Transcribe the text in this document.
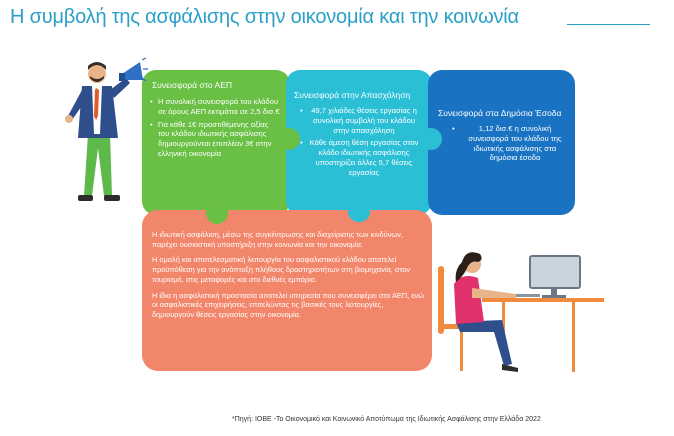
Η συμβολή της ασφάλισης στην οικονομία και την κοινωνία
Συνεισφορά στο ΑΕΠ
• Η συνολική συνεισφορά του κλάδου σε όρους ΑΕΠ εκτιμάται σε 2,5 δισ.€
• Για κάθε 1€ προστιθέμενης αξίας του κλάδου ιδιωτικής ασφάλισης δημιουργούνται επιπλέον 3€ στην ελληνική οικονομία
Συνεισφορά στην Απασχόληση
• 49,7 χιλιάδες θέσεις εργασίας η συνολική συμβολή του κλάδου στην απασχόληση
• Κάθε άμεση θέση εργασίας στον κλάδο ιδιωτικής ασφάλισης υποστηρίζει άλλες 5,7 θέσεις εργασίας
Συνεισφορά στα Δημόσια Έσοδα
• 1,12 δισ.€ η συνολική συνεισφορά του κλάδου της ιδιωτικής ασφάλισης στα δημόσια έσοδα

Η ιδιωτική ασφάλιση, μέσω της συγκέντρωσης και διαχείρισης των κινδύνων, παρέχει ουσιαστική υποστήριξη στην κοινωνία και την οικονομία.

Η ομαλή και αποτελεσματική λειτουργία του ασφαλιστικού κλάδου αποτελεί προϋπόθεση για την ανάπτυξη πλήθους δραστηριοτήτων στη βιομηχανία, στον τουρισμό, στις μεταφορές και στο διεθνές εμπόριο.

Η ίδια η ασφαλιστική προστασία αποτελεί υπηρεσία που συνεισφέρει στο ΑΕΠ, ενώ οι ασφαλιστικές επιχειρήσεις, επιτελώντας τις βασικές τους λειτουργίες, δημιουργούν θέσεις εργασίας στην οικονομία.

*Πηγή: ΙΟΒΕ -Το Οικονομικό και Κοινωνικό Αποτύπωμα της Ιδιωτικής Ασφάλισης στην Ελλάδα 2022
